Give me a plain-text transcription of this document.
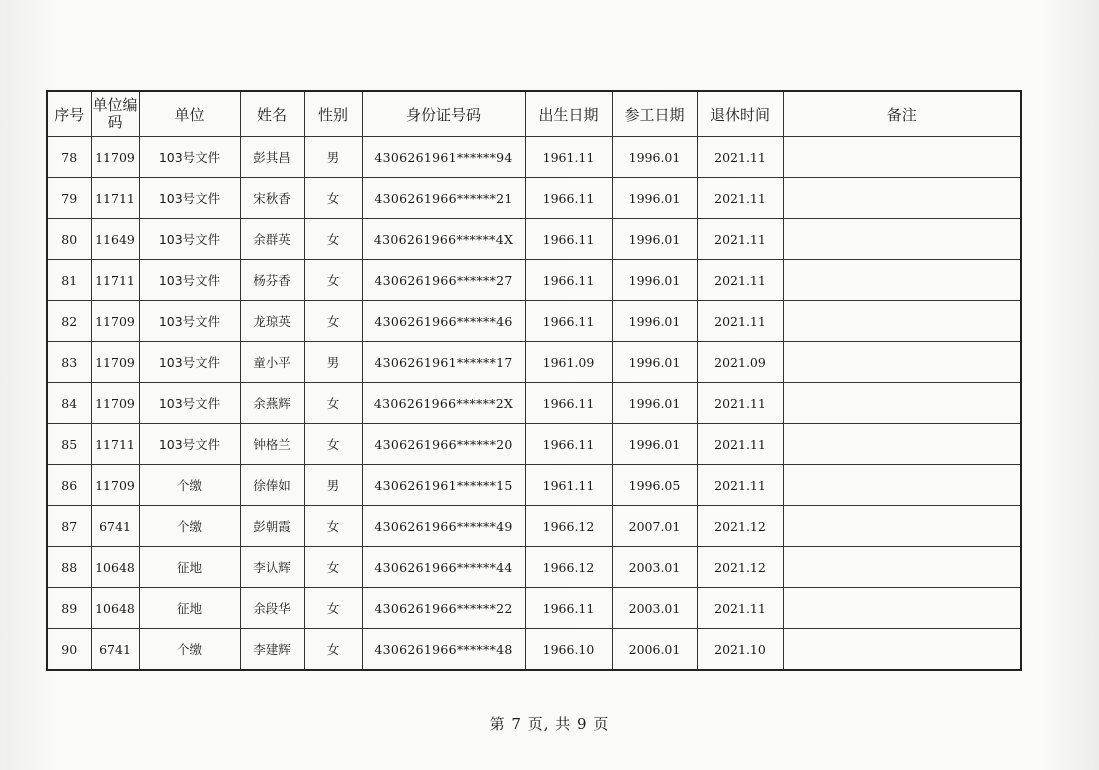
序号	单位编码	单位	姓名	性别	身份证号码	出生日期	参工日期	退休时间	备注
78	11709	103号文件	彭其昌	男	4306261961******94	1961.11	1996.01	2021.11	
79	11711	103号文件	宋秋香	女	4306261966******21	1966.11	1996.01	2021.11	
80	11649	103号文件	余群英	女	4306261966******4X	1966.11	1996.01	2021.11	
81	11711	103号文件	杨芬香	女	4306261966******27	1966.11	1996.01	2021.11	
82	11709	103号文件	龙琼英	女	4306261966******46	1966.11	1996.01	2021.11	
83	11709	103号文件	童小平	男	4306261961******17	1961.09	1996.01	2021.09	
84	11709	103号文件	余燕辉	女	4306261966******2X	1966.11	1996.01	2021.11	
85	11711	103号文件	钟格兰	女	4306261966******20	1966.11	1996.01	2021.11	
86	11709	个缴	徐俸如	男	4306261961******15	1961.11	1996.05	2021.11	
87	6741	个缴	彭朝霞	女	4306261966******49	1966.12	2007.01	2021.12	
88	10648	征地	李认辉	女	4306261966******44	1966.12	2003.01	2021.12	
89	10648	征地	余段华	女	4306261966******22	1966.11	2003.01	2021.11	
90	6741	个缴	李建辉	女	4306261966******48	1966.10	2006.01	2021.10	
第 7 页, 共 9 页
